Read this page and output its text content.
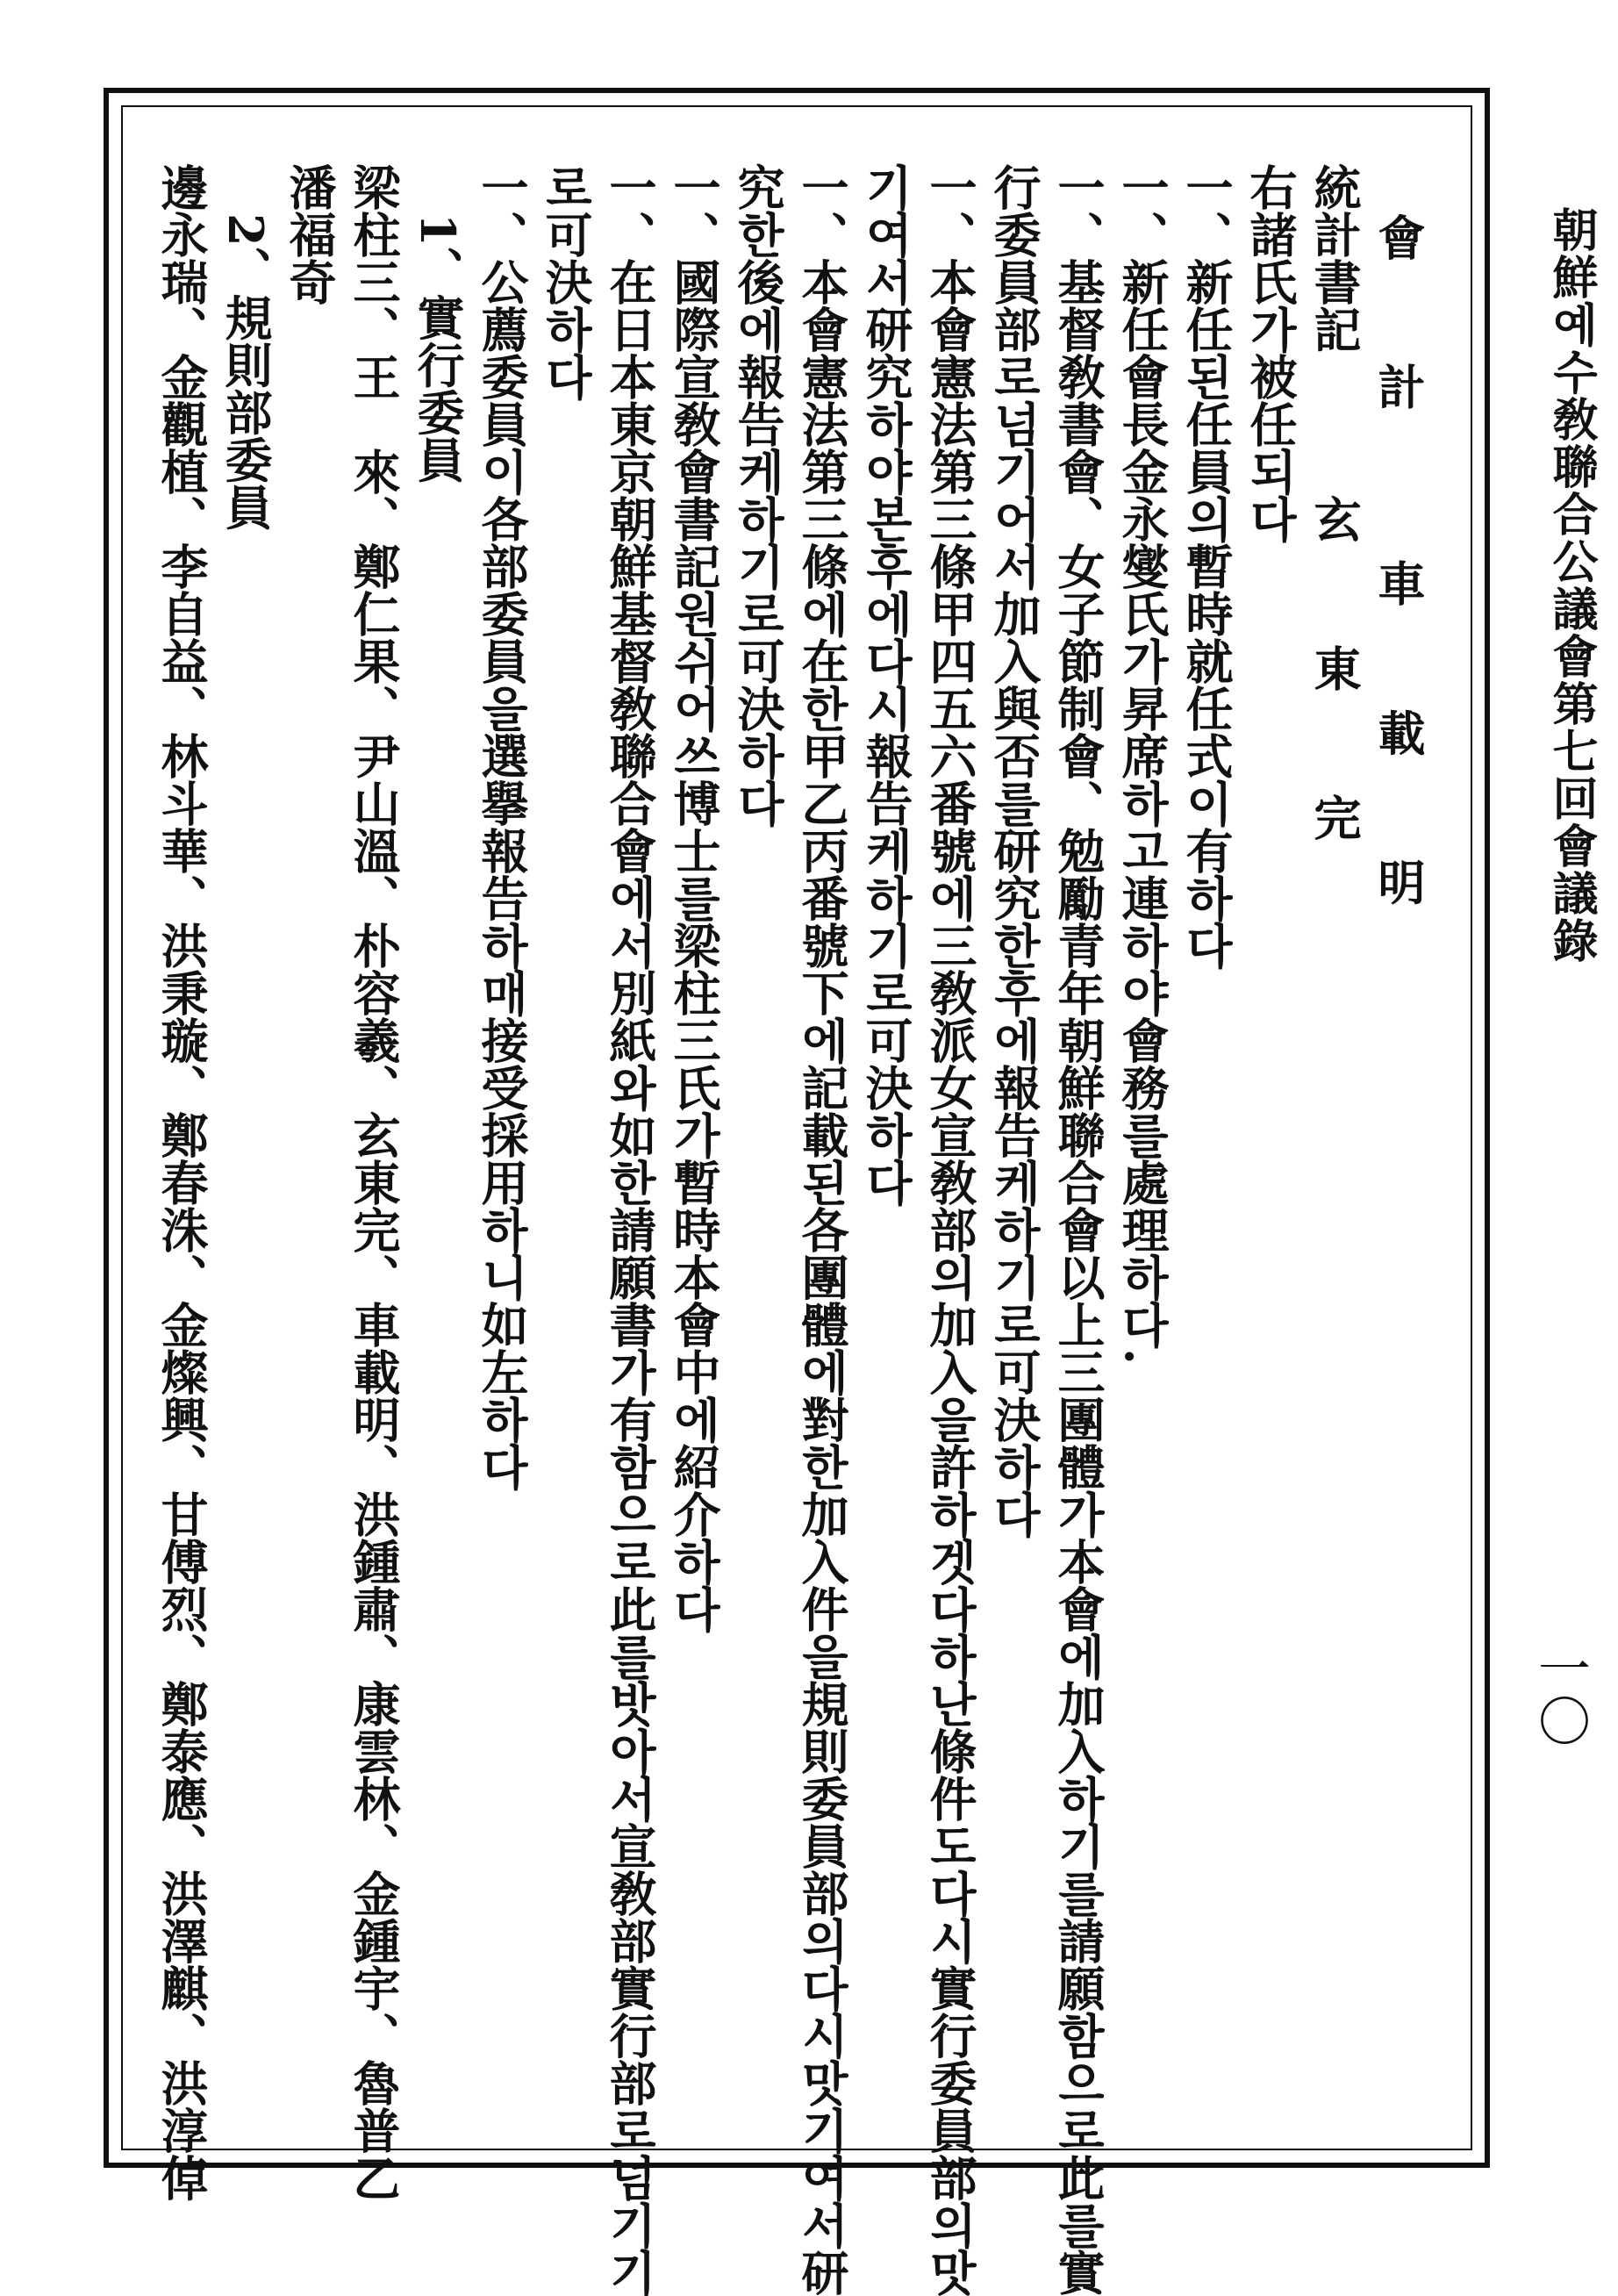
朝鮮예수敎聯合公議會第七回會議錄
一〇
會計　車載明
統計書記　　　玄東完
右諸氏가被任되다
一、新任된任員의暫時就任式이有하다
一、新任會長金永燮氏가昇席하고連하야會務를處理하다.
一、基督敎書會、女子節制會、勉勵青年朝鮮聯合會以上三團體가本會에加入하기를請願함으로此를實
行委員部로넘기어서加入與否를研究한후에報告케하기로可決하다
一、本會憲法第三條甲四五六番號에三敎派女宣敎部의加入을許하겟다하난條件도다시實行委員部의맛
기여서研究하야본후에다시報告케하기로可決하다
一、本會憲法第三條에在한甲乙丙番號下에記載된各團體에對한加入件을規則委員部의다시맛기여서研
究한後에報告케하기로可決하다
一、國際宣敎會書記원쉬어쓰博士를梁柱三氏가暫時本會中에紹介하다
一、在日本東京朝鮮基督敎聯合會에서別紙와如한請願書가有함으로此를밧아서宣敎部實行部로넘기기
로可決하다
一、公薦委員이各部委員을選擧報告하매接受採用하니如左하다
1、實行委員
梁柱三、王　來、鄭仁果、尹山溫、朴容羲、玄東完、車載明、洪鍾肅、康雲林、金鍾宇、魯普乙
潘福奇
2、規則部委員
邊永瑞、金觀植、李自益、林斗華、洪秉璇、鄭春洙、金燦興、甘傅烈、鄭泰應、洪澤麒、洪淳倬
